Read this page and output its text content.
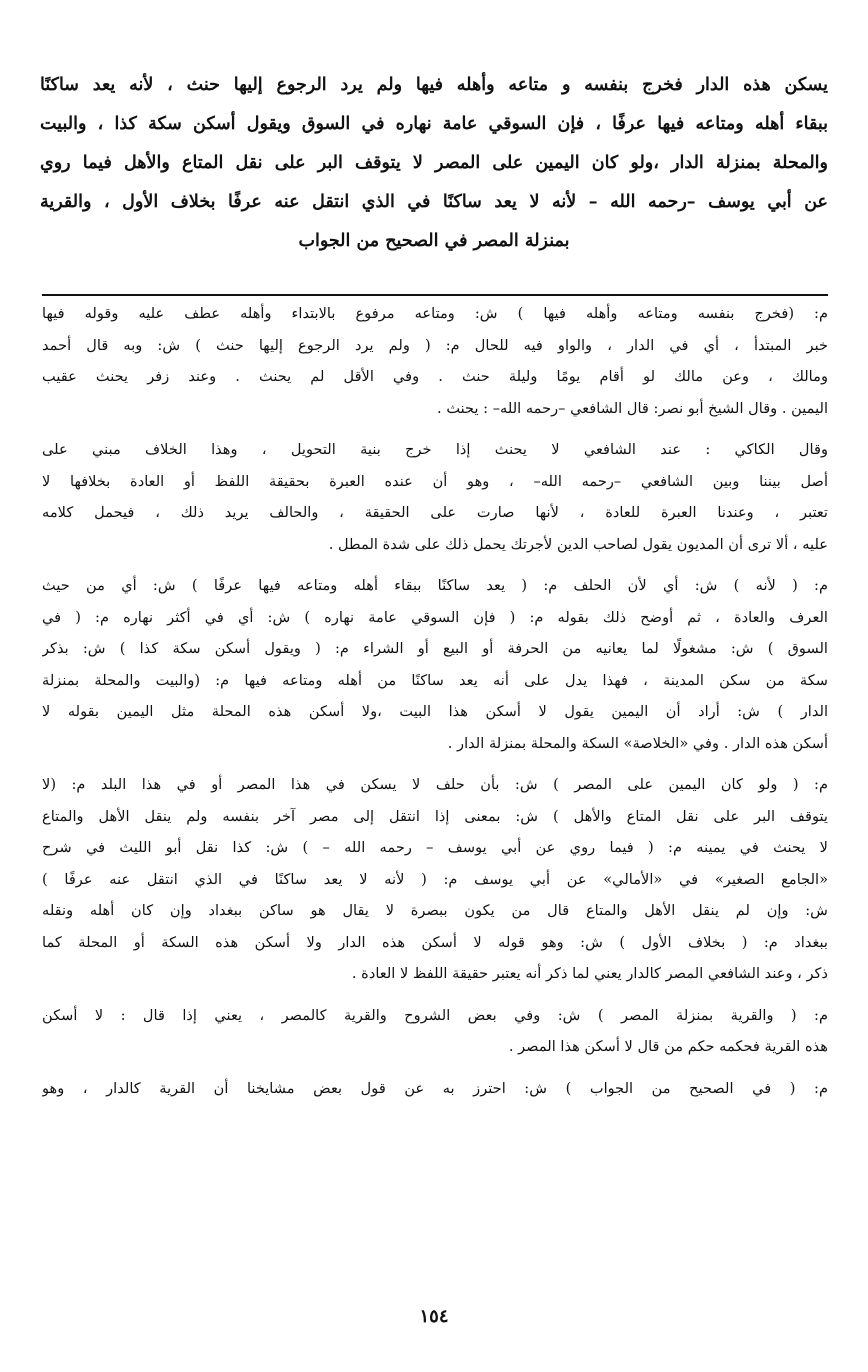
يسكن هذه الدار فخرج بنفسه و متاعه وأهله فيها ولم يرد الرجوع إليها حنث ، لأنه يعد ساكنًا
ببقاء أهله ومتاعه فيها عرفًا ، فإن السوقي عامة نهاره في السوق ويقول أسكن سكة كذا ، والبيت
والمحلة بمنزلة الدار ،ولو كان اليمين على المصر لا يتوقف البر على نقل المتاع والأهل فيما روي
عن أبي يوسف –رحمه الله – لأنه لا يعد ساكنًا في الذي انتقل عنه عرفًا بخلاف الأول ، والقرية
بمنزلة المصر في الصحيح من الجواب
م: (فخرج بنفسه ومتاعه وأهله فيها ) ش: ومتاعه مرفوع بالابتداء وأهله عطف عليه وقوله فيها
خبر المبتدأ ، أي في الدار ، والواو فيه للحال م: ( ولم يرد الرجوع إليها حنث ) ش: وبه قال أحمد
ومالك ، وعن مالك لو أقام يومًا وليلة حنث . وفي الأقل لم يحنث . وعند زفر يحنث عقيب
اليمين . وقال الشيخ أبو نصر: قال الشافعي –رحمه الله– : يحنث .
وقال الكاكي : عند الشافعي لا يحنث إذا خرج بنية التحويل ، وهذا الخلاف مبني على
أصل بيننا وبين الشافعي –رحمه الله– ، وهو أن عنده العبرة بحقيقة اللفظ أو العادة بخلافها لا
تعتبر ، وعندنا العبرة للعادة ، لأنها صارت على الحقيقة ، والحالف يريد ذلك ، فيحمل كلامه
عليه ، ألا ترى أن المديون يقول لصاحب الدين لأجرتك يحمل ذلك على شدة المطل .
م: ( لأنه ) ش: أي لأن الحلف م: ( يعد ساكنًا ببقاء أهله ومتاعه فيها عرفًا ) ش: أي من حيث
العرف والعادة ، ثم أوضح ذلك بقوله م: ( فإن السوقي عامة نهاره ) ش: أي في أكثر نهاره م: ( في
السوق ) ش: مشغولًا لما يعانيه من الحرفة أو البيع أو الشراء م: ( ويقول أسكن سكة كذا ) ش: بذكر
سكة من سكن المدينة ، فهذا يدل على أنه يعد ساكنًا من أهله ومتاعه فيها م: (والبيت والمحلة بمنزلة
الدار ) ش: أراد أن اليمين يقول لا أسكن هذا البيت ،ولا أسكن هذه المحلة مثل اليمين بقوله لا
أسكن هذه الدار . وفي «الخلاصة» السكة والمحلة بمنزلة الدار .
م: ( ولو كان اليمين على المصر ) ش: بأن حلف لا يسكن في هذا المصر أو في هذا البلد م: (لا
يتوقف البر على نقل المتاع والأهل ) ش: بمعنى إذا انتقل إلى مصر آخر بنفسه ولم ينقل الأهل والمتاع
لا يحنث في يمينه م: ( فيما روي عن أبي يوسف – رحمه الله – ) ش: كذا نقل أبو الليث في شرح
«الجامع الصغير» في «الأمالي» عن أبي يوسف م: ( لأنه لا يعد ساكنًا في الذي انتقل عنه عرفًا )
ش: وإن لم ينقل الأهل والمتاع قال من يكون ببصرة لا يقال هو ساكن ببغداد وإن كان أهله ونقله
ببغداد م: ( بخلاف الأول ) ش: وهو قوله لا أسكن هذه الدار ولا أسكن هذه السكة أو المحلة كما
ذكر ، وعند الشافعي المصر كالدار يعني لما ذكر أنه يعتبر حقيقة اللفظ لا العادة .
م: ( والقرية بمنزلة المصر ) ش: وفي بعض الشروح والقرية كالمصر ، يعني إذا قال : لا أسكن
هذه القرية فحكمه حكم من قال لا أسكن هذا المصر .
م: ( في الصحيح من الجواب ) ش: احترز به عن قول بعض مشايخنا أن القرية كالدار ، وهو
١٥٤
